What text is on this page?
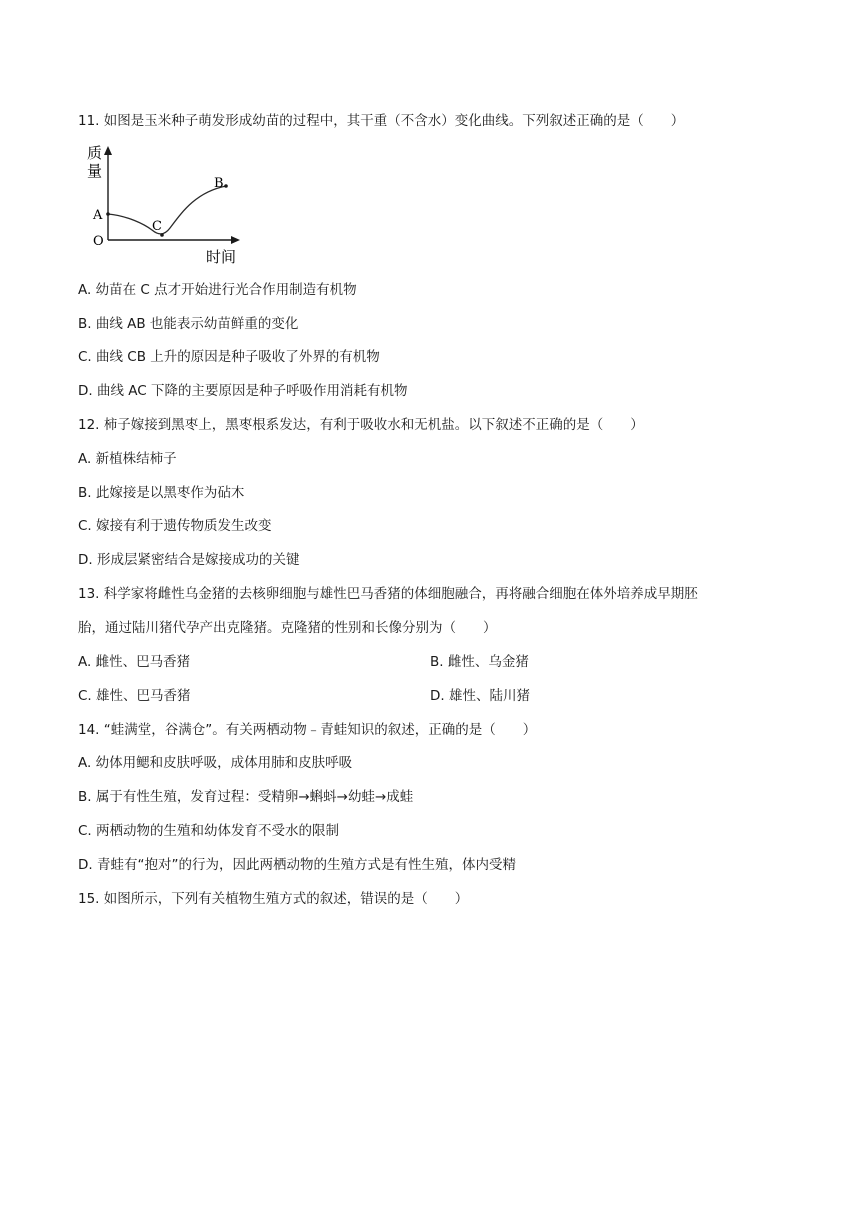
11. 如图是玉米种子萌发形成幼苗的过程中，其干重（不含水）变化曲线。下列叙述正确的是（　　）
质
量
A
O
C
B
时间
A. 幼苗在 C 点才开始进行光合作用制造有机物
B. 曲线 AB 也能表示幼苗鲜重的变化
C. 曲线 CB 上升的原因是种子吸收了外界的有机物
D. 曲线 AC 下降的主要原因是种子呼吸作用消耗有机物
12. 柿子嫁接到黑枣上，黑枣根系发达，有利于吸收水和无机盐。以下叙述不正确的是（　　）
A. 新植株结柿子
B. 此嫁接是以黑枣作为砧木
C. 嫁接有利于遗传物质发生改变
D. 形成层紧密结合是嫁接成功的关键
13. 科学家将雌性乌金猪的去核卵细胞与雄性巴马香猪的体细胞融合，再将融合细胞在体外培养成早期胚
胎，通过陆川猪代孕产出克隆猪。克隆猪的性别和长像分别为（　　）
A. 雌性、巴马香猪	B. 雌性、乌金猪
C. 雄性、巴马香猪	D. 雄性、陆川猪
14. “蛙满堂，谷满仓”。有关两栖动物﹣青蛙知识的叙述，正确的是（　　）
A. 幼体用鳃和皮肤呼吸，成体用肺和皮肤呼吸
B. 属于有性生殖，发育过程：受精卵→蝌蚪→幼蛙→成蛙
C. 两栖动物的生殖和幼体发育不受水的限制
D. 青蛙有“抱对”的行为，因此两栖动物的生殖方式是有性生殖，体内受精
15. 如图所示，下列有关植物生殖方式的叙述，错误的是（　　）
